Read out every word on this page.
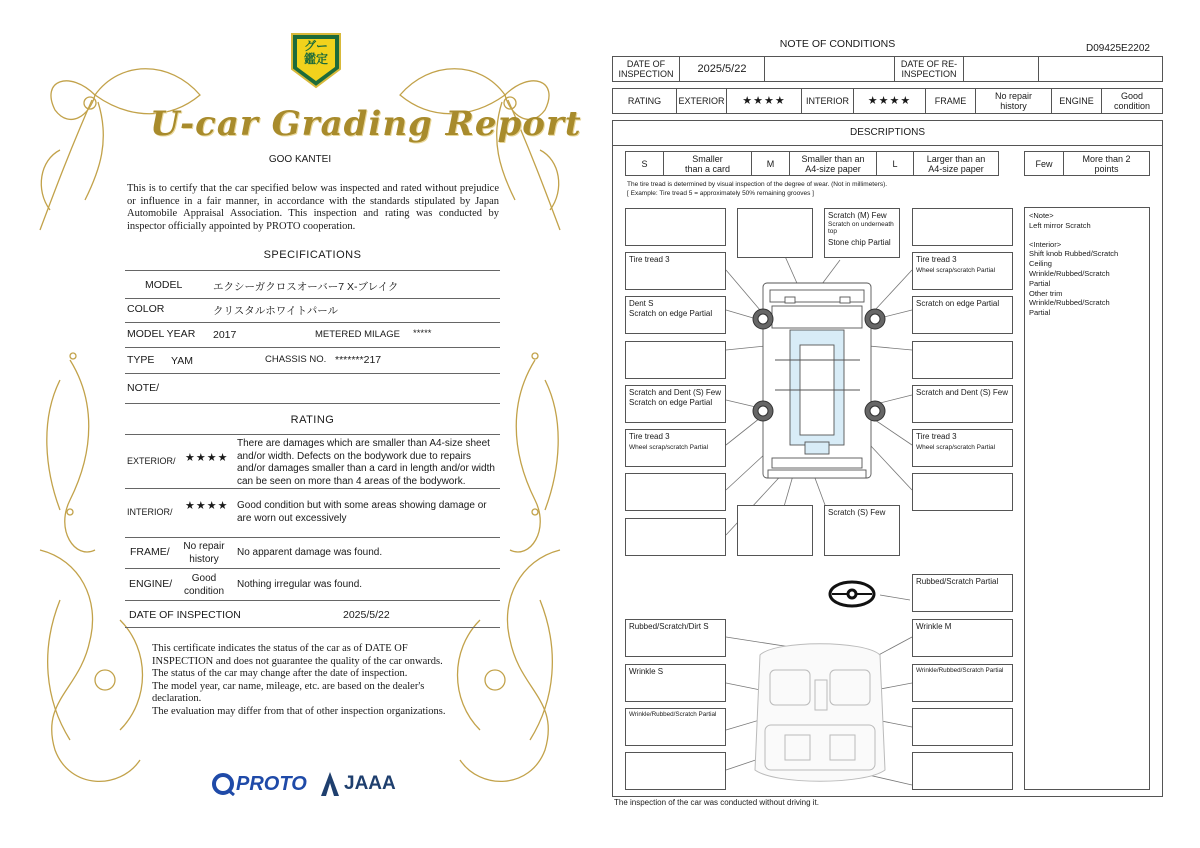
グー
鑑定
U-car Grading Report
GOO KANTEI
This is to certify that the car specified below was inspected and rated without prejudice or influence in a fair manner, in accordance with the standards stipulated by Japan Automobile Appraisal Association. This inspection and rating was conducted by inspector officially appointed by PROTO cooperation.
SPECIFICATIONS
MODEL	エクシーガクロスオーバー7 X-ブレイク
COLOR	クリスタルホワイトパール
MODEL YEAR 2017	METERED MILAGE *****
TYPE YAM	CHASSIS NO. *******217
NOTE/
RATING
EXTERIOR/ ★★★★
There are damages which are smaller than A4-size sheet and/or width. Defects on the bodywork due to repairs and/or damages smaller than a card in length and/or width can be seen on more than 4 areas of the bodywork.
INTERIOR/ ★★★★ Good condition but with some areas showing damage or are worn out excessively
FRAME/	No repair history
No apparent damage was found.
ENGINE/	Good condition
Nothing irregular was found.
DATE OF INSPECTION	2025/5/22
This certificate indicates the status of the car as of DATE OF
INSPECTION and does not guarantee the quality of the car onwards.
The status of the car may change after the date of inspection.
The model year, car name, mileage, etc. are based on the dealer's
declaration.
The evaluation may differ from that of other inspection organizations.
PROTO JAAA
NOTE OF CONDITIONS	D09425E2202
DATE OF INSPECTION	2025/5/22	DATE OF RE-INSPECTION
RATING	EXTERIOR	★★★★	INTERIOR	★★★★	FRAME	No repair history	ENGINE	Good condition
DESCRIPTIONS
S	Smaller than a card	M	Smaller than an A4-size paper	L	Larger than an A4-size paper	Few	More than 2 points
The tire tread is determined by visual inspection of the degree of wear. (Not in millimeters).
[ Example: Tire tread 5 = approximately 50% remaining grooves ]
<Note>
Left mirror Scratch
<Interior>
Shift knob Rubbed/Scratch
Ceiling
Wrinkle/Rubbed/Scratch
Partial
Other trim
Wrinkle/Rubbed/Scratch
Partial
Tire tread 3
Dent S
Scratch on edge Partial
Scratch and Dent (S) Few
Scratch on edge Partial
Tire tread 3
Wheel scrap/scratch Partial
Scratch (M) Few
Scratch on underneath top
Stone chip Partial
Scratch (S) Few
Tire tread 3
Wheel scrap/scratch Partial
Scratch on edge Partial
Scratch and Dent (S) Few
Tire tread 3
Wheel scrap/scratch Partial
Rubbed/Scratch Partial
Rubbed/Scratch/Dirt S	Wrinkle M
Wrinkle S	Wrinkle/Rubbed/Scratch Partial
Wrinkle/Rubbed/Scratch Partial
The inspection of the car was conducted without driving it.
